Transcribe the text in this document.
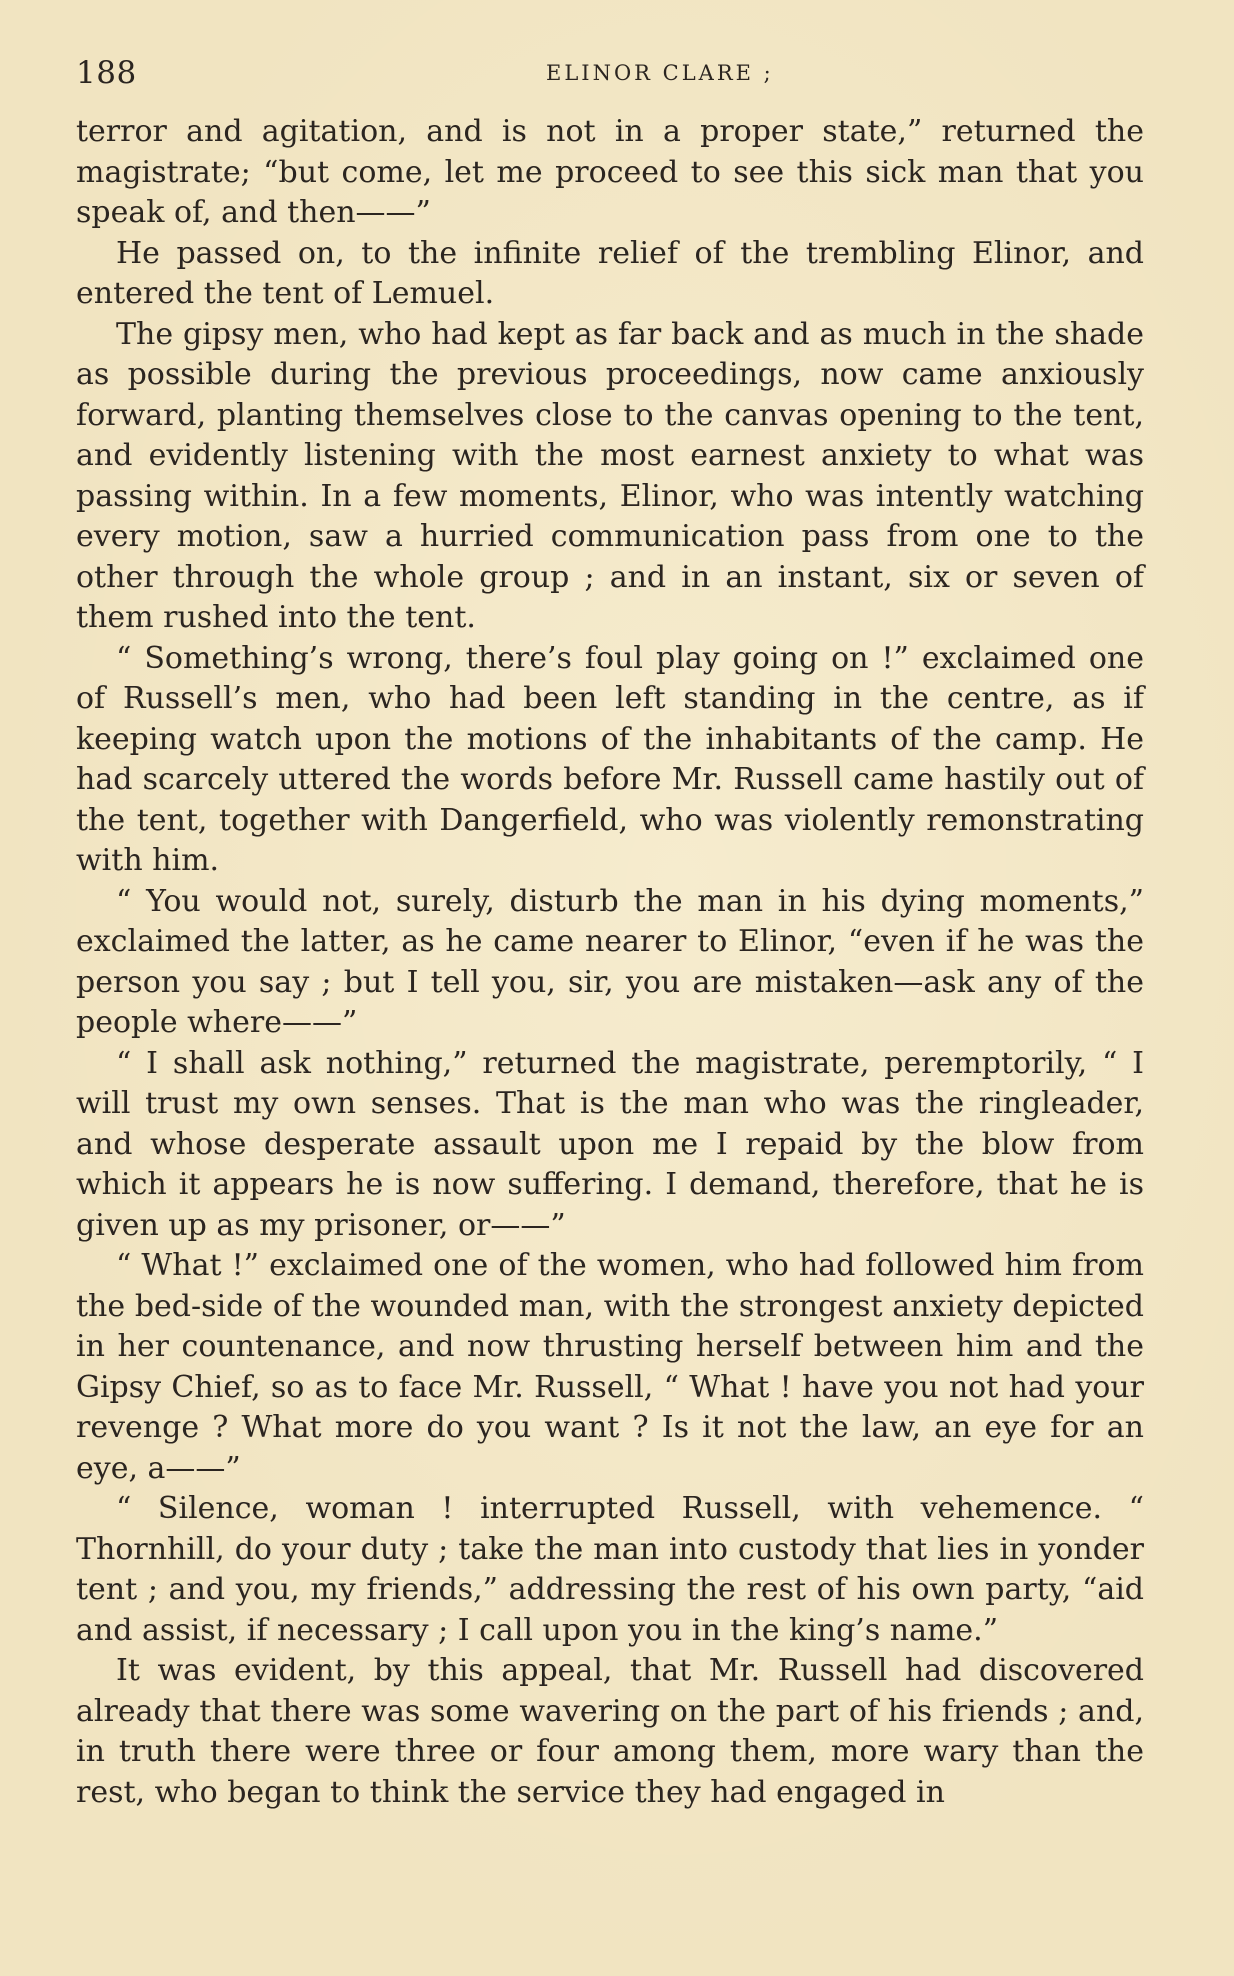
188	ELINOR CLARE ;

terror and agitation, and is not in a proper state,” returned the magistrate; “but come, let me proceed to see this sick man that you speak of, and then——”

He passed on, to the infinite relief of the trembling Elinor, and entered the tent of Lemuel.

The gipsy men, who had kept as far back and as much in the shade as possible during the previous proceedings, now came anxiously forward, planting themselves close to the canvas opening to the tent, and evidently listening with the most earnest anxiety to what was passing within. In a few moments, Elinor, who was intently watching every motion, saw a hurried communication pass from one to the other through the whole group ; and in an instant, six or seven of them rushed into the tent.

“ Something’s wrong, there’s foul play going on !” exclaimed one of Russell’s men, who had been left standing in the centre, as if keeping watch upon the motions of the inhabitants of the camp. He had scarcely uttered the words before Mr. Russell came hastily out of the tent, together with Dangerfield, who was violently remonstrating with him.

“ You would not, surely, disturb the man in his dying moments,” exclaimed the latter, as he came nearer to Elinor, “even if he was the person you say ; but I tell you, sir, you are mistaken—ask any of the people where——”

“ I shall ask nothing,” returned the magistrate, peremptorily, “ I will trust my own senses. That is the man who was the ringleader, and whose desperate assault upon me I repaid by the blow from which it appears he is now suffering. I demand, therefore, that he is given up as my prisoner, or——”

“ What !” exclaimed one of the women, who had followed him from the bed-side of the wounded man, with the strongest anxiety depicted in her countenance, and now thrusting herself between him and the Gipsy Chief, so as to face Mr. Russell, “ What ! have you not had your revenge ? What more do you want ? Is it not the law, an eye for an eye, a——”

“ Silence, woman ! interrupted Russell, with vehemence. “ Thornhill, do your duty ; take the man into custody that lies in yonder tent ; and you, my friends,” addressing the rest of his own party, “aid and assist, if necessary ; I call upon you in the king’s name.”

It was evident, by this appeal, that Mr. Russell had discovered already that there was some wavering on the part of his friends ; and, in truth there were three or four among them, more wary than the rest, who began to think the service they had engaged in
